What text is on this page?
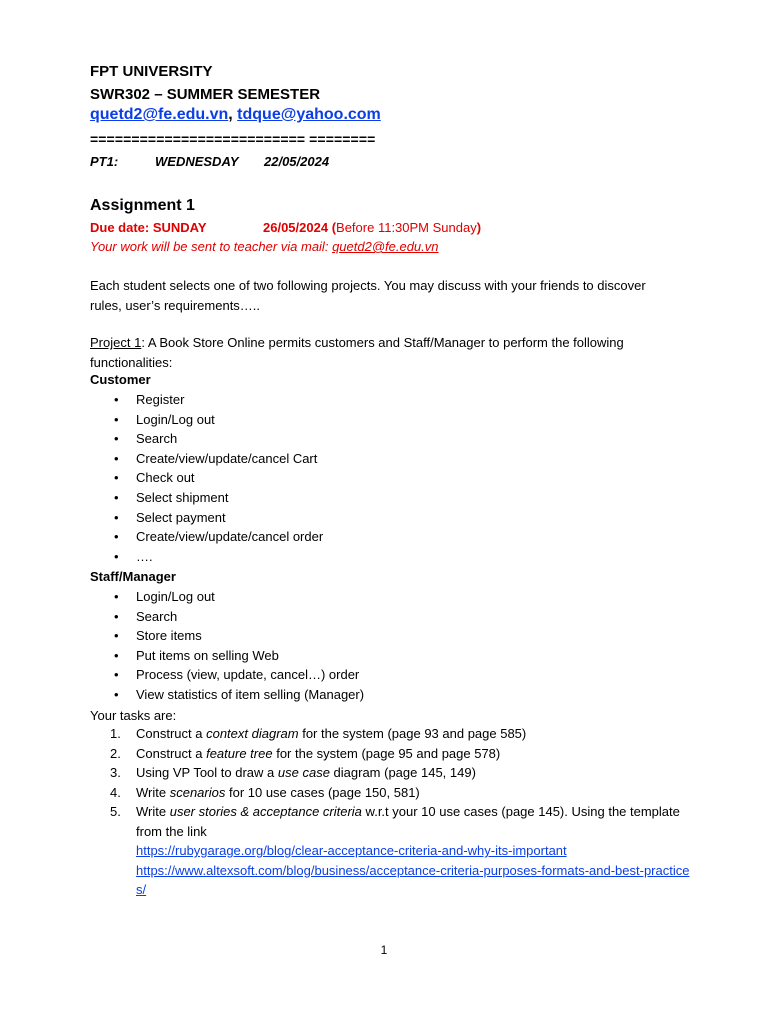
FPT UNIVERSITY
SWR302 – SUMMER SEMESTER
quetd2@fe.edu.vn, tdque@yahoo.com
========================== ========
PT1:	WEDNESDAY 22/05/2024
Assignment 1
Due date: SUNDAY	26/05/2024 (Before 11:30PM Sunday)
Your work will be sent to teacher via mail: quetd2@fe.edu.vn
Each student selects one of two following projects. You may discuss with your friends to discover rules, user’s requirements…..
Project 1: A Book Store Online permits customers and Staff/Manager to perform the following functionalities:
Customer
• Register
• Login/Log out
• Search
• Create/view/update/cancel Cart
• Check out
• Select shipment
• Select payment
• Create/view/update/cancel order
• ….
Staff/Manager
• Login/Log out
• Search
• Store items
• Put items on selling Web
• Process (view, update, cancel…) order
• View statistics of item selling (Manager)
Your tasks are:
1. Construct a context diagram for the system (page 93 and page 585)
2. Construct a feature tree for the system (page 95 and page 578)
3. Using VP Tool to draw a use case diagram (page 145, 149)
4. Write scenarios for 10 use cases (page 150, 581)
5. Write user stories & acceptance criteria w.r.t your 10 use cases (page 145). Using the template from the link
https://rubygarage.org/blog/clear-acceptance-criteria-and-why-its-important
https://www.altexsoft.com/blog/business/acceptance-criteria-purposes-formats-and-best-practices/
1
